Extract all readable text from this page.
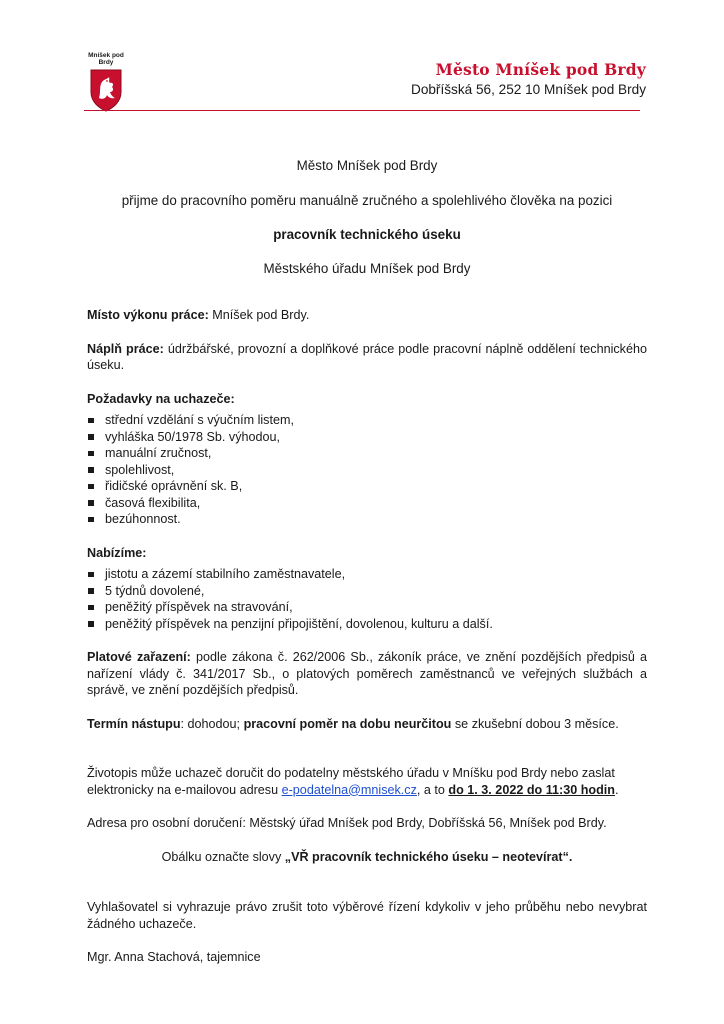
Mníšek pod Brdy	Město Mníšek pod Brdy
Dobříšská 56, 252 10 Mníšek pod Brdy

Město Mníšek pod Brdy

přijme do pracovního poměru manuálně zručného a spolehlivého člověka na pozici

pracovník technického úseku

Městského úřadu Mníšek pod Brdy

Místo výkonu práce: Mníšek pod Brdy.

Náplň práce: údržbářské, provozní a doplňkové práce podle pracovní náplně oddělení technického úseku.

Požadavky na uchazeče:

střední vzdělání s výučním listem,
vyhláška 50/1978 Sb. výhodou,
manuální zručnost,
spolehlivost,
řidičské oprávnění sk. B,
časová flexibilita,
bezúhonnost.

Nabízíme:

jistotu a zázemí stabilního zaměstnavatele,
5 týdnů dovolené,
peněžitý příspěvek na stravování,
peněžitý příspěvek na penzijní připojištění, dovolenou, kulturu a další.

Platové zařazení: podle zákona č. 262/2006 Sb., zákoník práce, ve znění pozdějších předpisů a nařízení vlády č. 341/2017 Sb., o platových poměrech zaměstnanců ve veřejných službách a správě, ve znění pozdějších předpisů.

Termín nástupu: dohodou; pracovní poměr na dobu neurčitou se zkušební dobou 3 měsíce.

Životopis může uchazeč doručit do podatelny městského úřadu v Mníšku pod Brdy nebo zaslat elektronicky na e-mailovou adresu e-podatelna@mnisek.cz, a to do 1. 3. 2022 do 11:30 hodin.

Adresa pro osobní doručení: Městský úřad Mníšek pod Brdy, Dobříšská 56, Mníšek pod Brdy.

Obálku označte slovy „VŘ pracovník technického úseku – neotevírat“.

Vyhlašovatel si vyhrazuje právo zrušit toto výběrové řízení kdykoliv v jeho průběhu nebo nevybrat žádného uchazeče.

Mgr. Anna Stachová, tajemnice
